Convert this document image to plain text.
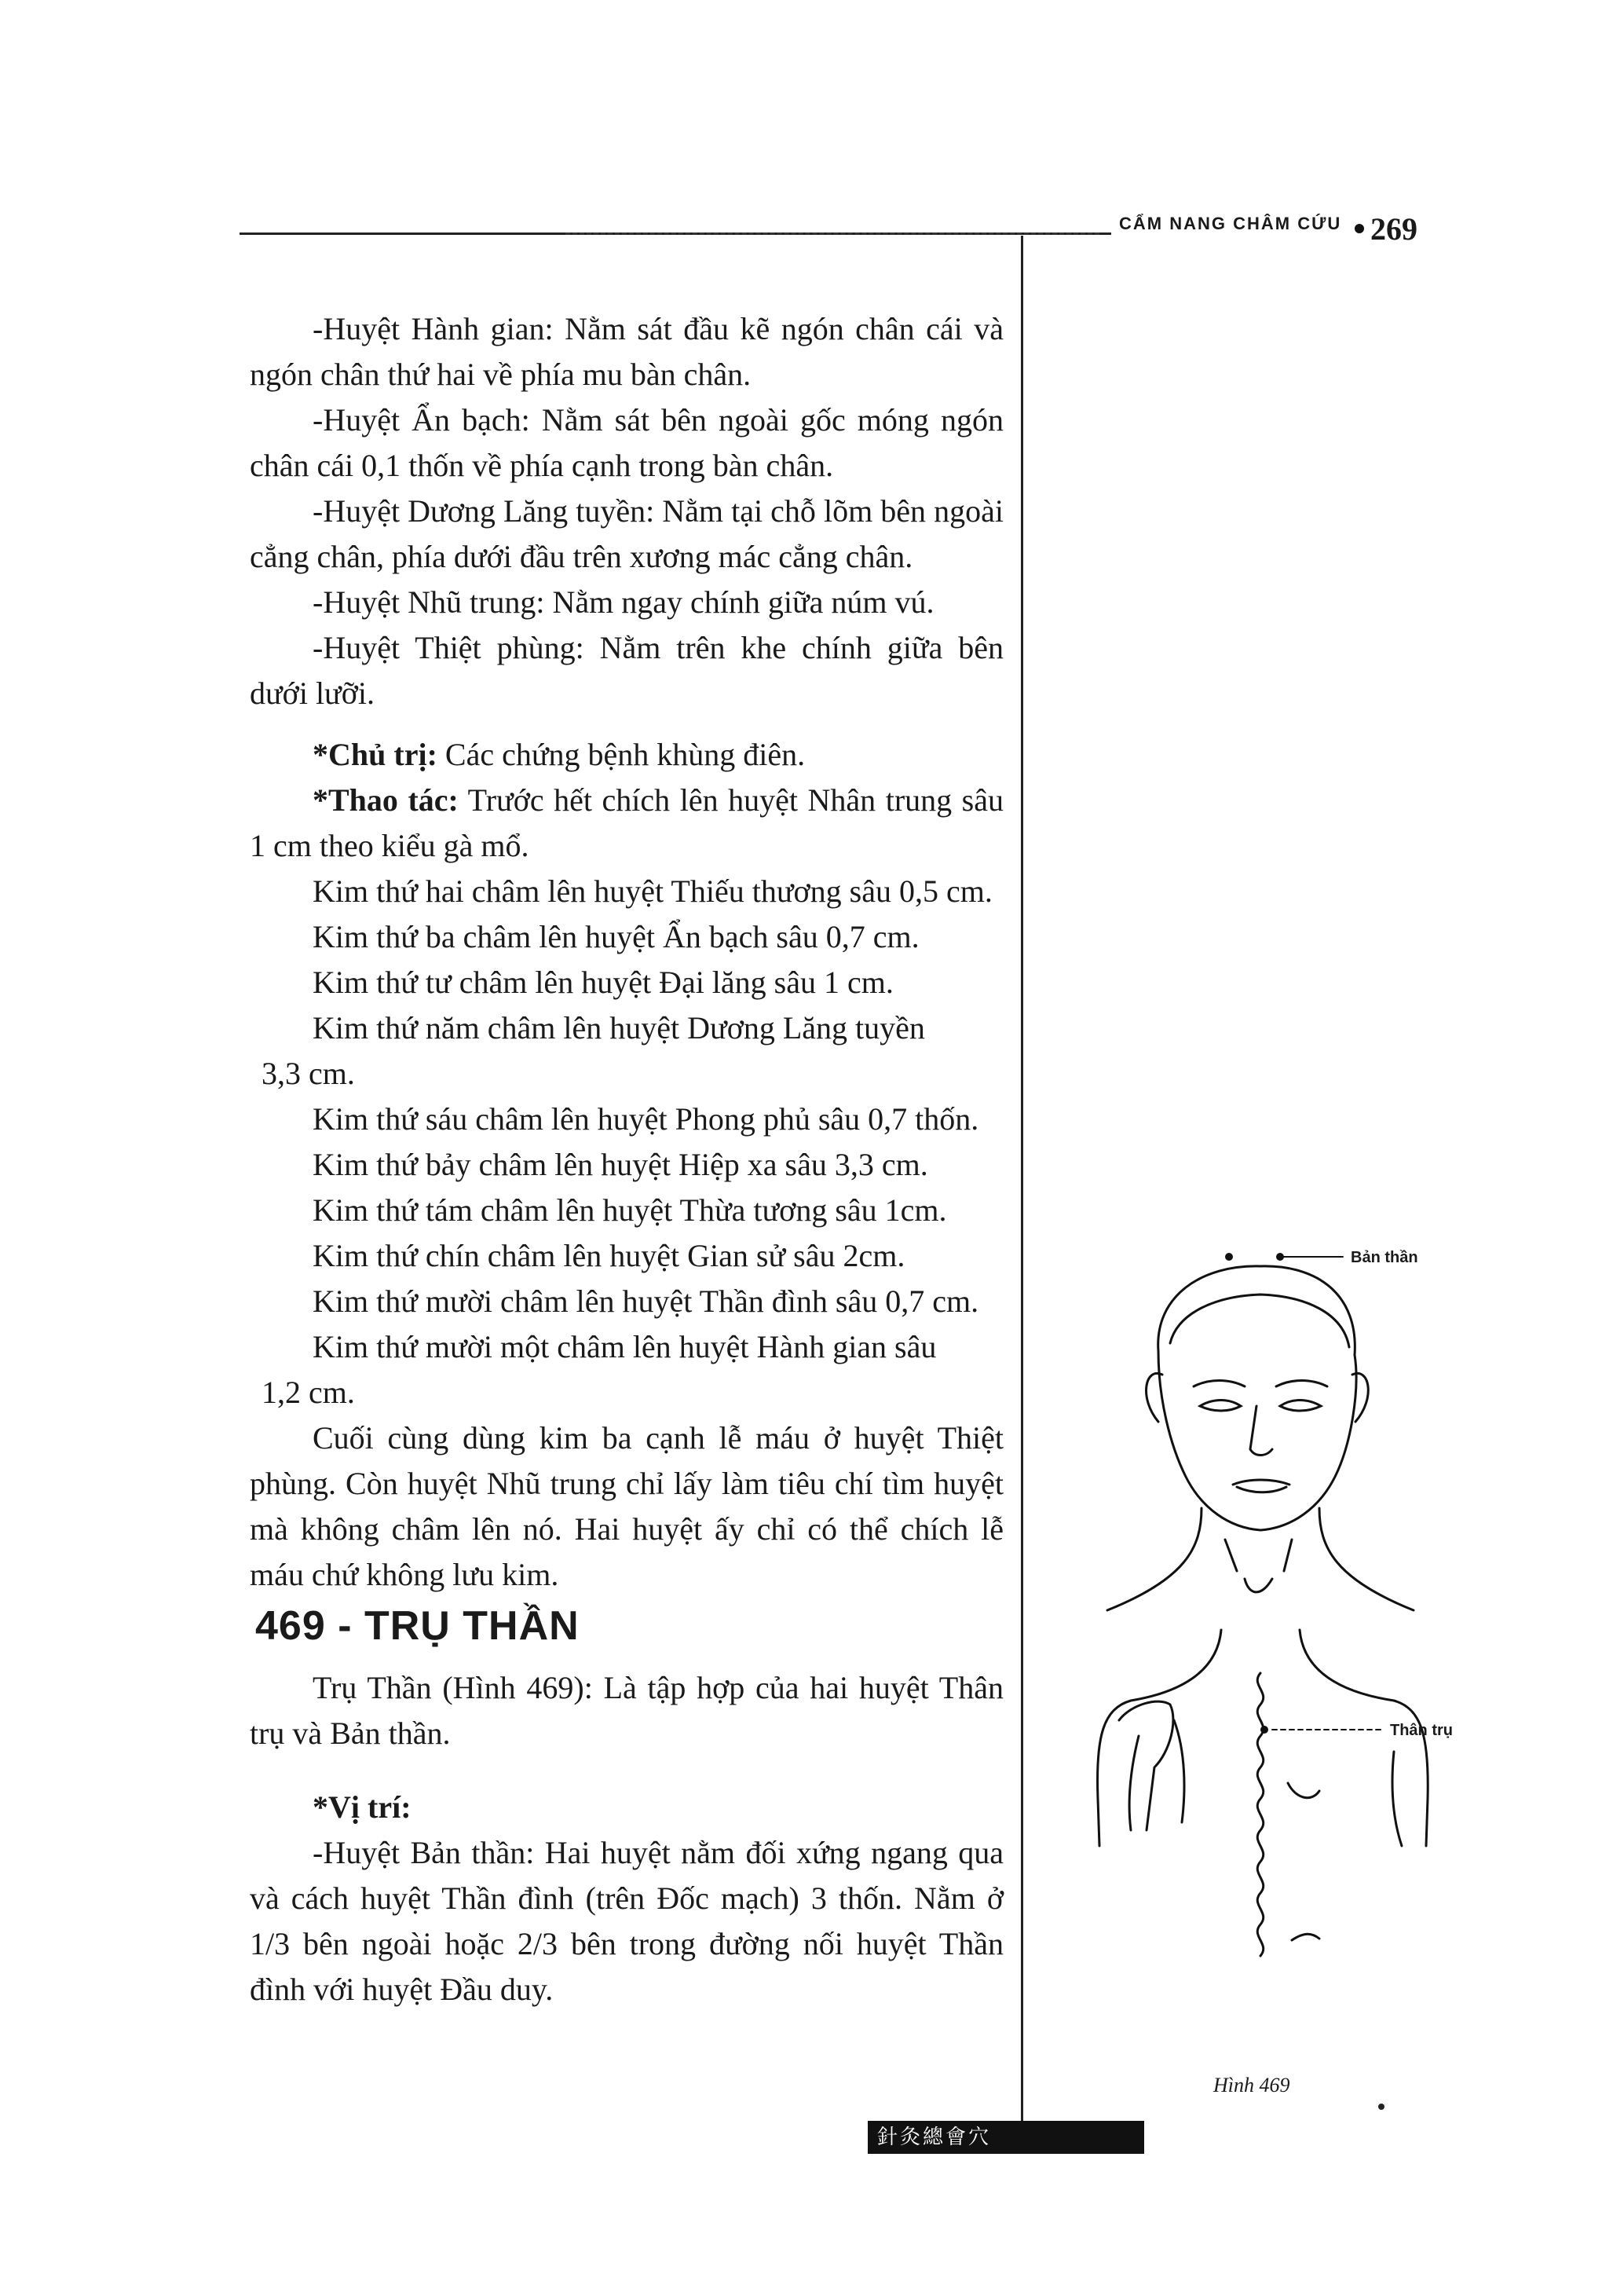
CẨM NANG CHÂM CỨU 269

-Huyệt Hành gian: Nằm sát đầu kẽ ngón chân cái và ngón chân thứ hai về phía mu bàn chân.

-Huyệt Ẩn bạch: Nằm sát bên ngoài gốc móng ngón chân cái 0,1 thốn về phía cạnh trong bàn chân.

-Huyệt Dương Lăng tuyền: Nằm tại chỗ lõm bên ngoài cẳng chân, phía dưới đầu trên xương mác cẳng chân.

-Huyệt Nhũ trung: Nằm ngay chính giữa núm vú.

-Huyệt Thiệt phùng: Nằm trên khe chính giữa bên dưới lưỡi.

*Chủ trị: Các chứng bệnh khùng điên.

*Thao tác: Trước hết chích lên huyệt Nhân trung sâu 1 cm theo kiểu gà mổ.

Kim thứ hai châm lên huyệt Thiếu thương sâu 0,5 cm.

Kim thứ ba châm lên huyệt Ẩn bạch sâu 0,7 cm.

Kim thứ tư châm lên huyệt Đại lăng sâu 1 cm.

Kim thứ năm châm lên huyệt Dương Lăng tuyền

3,3 cm.

Kim thứ sáu châm lên huyệt Phong phủ sâu 0,7 thốn.

Kim thứ bảy châm lên huyệt Hiệp xa sâu 3,3 cm.

Kim thứ tám châm lên huyệt Thừa tương sâu 1cm.

Kim thứ chín châm lên huyệt Gian sử sâu 2cm.

Kim thứ mười châm lên huyệt Thần đình sâu 0,7 cm.

Kim thứ mười một châm lên huyệt Hành gian sâu

1,2 cm.

Cuối cùng dùng kim ba cạnh lễ máu ở huyệt Thiệt phùng. Còn huyệt Nhũ trung chỉ lấy làm tiêu chí tìm huyệt mà không châm lên nó. Hai huyệt ấy chỉ có thể chích lễ máu chứ không lưu kim.

469 - TRỤ THẦN

Trụ Thần (Hình 469): Là tập hợp của hai huyệt Thân trụ và Bản thần.

*Vị trí:

-Huyệt Bản thần: Hai huyệt nằm đối xứng ngang qua và cách huyệt Thần đình (trên Đốc mạch) 3 thốn. Nằm ở 1/3 bên ngoài hoặc 2/3 bên trong đường nối huyệt Thần đình với huyệt Đầu duy.

Bản thần
Thân trụ
Hình 469
針灸總會穴
